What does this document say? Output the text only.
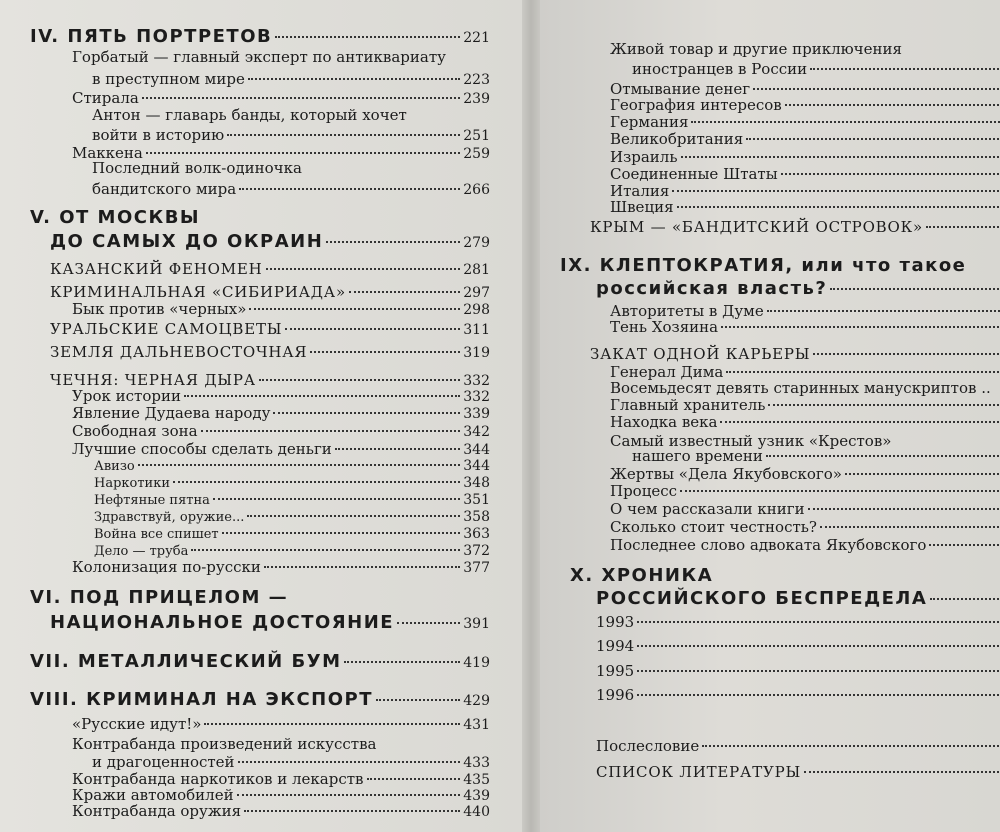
IV. ПЯТЬ ПОРТРЕТОВ	221
Горбатый — главный эксперт по антиквариату
в преступном мире	223
Стирала	239
Антон — главарь банды, который хочет
войти в историю	251
Маккена	259
Последний волк-одиночка
бандитского мира	266
V. ОТ МОСКВЫ
ДО САМЫХ ДО ОКРАИН	279
КАЗАНСКИЙ ФЕНОМЕН	281
КРИМИНАЛЬНАЯ «СИБИРИАДА»	297
Бык против «черных»	298
УРАЛЬСКИЕ САМОЦВЕТЫ	311
ЗЕМЛЯ ДАЛЬНЕВОСТОЧНАЯ	319
ЧЕЧНЯ: ЧЕРНАЯ ДЫРА	332
Урок истории	332
Явление Дудаева народу	339
Свободная зона	342
Лучшие способы сделать деньги	344
Авизо	344
Наркотики	348
Нефтяные пятна	351
Здравствуй, оружие...	358
Война все спишет	363
Дело — труба	372
Колонизация по-русски	377
VI. ПОД ПРИЦЕЛОМ —
НАЦИОНАЛЬНОЕ ДОСТОЯНИЕ	391
VII. МЕТАЛЛИЧЕСКИЙ БУМ	419
VIII. КРИМИНАЛ НА ЭКСПОРТ	429
«Русские идут!»	431
Контрабанда произведений искусства
и драгоценностей	433
Контрабанда наркотиков и лекарств	435
Кражи автомобилей	439
Контрабанда оружия	440
Живой товар и другие приключения
иностранцев в России
Отмывание денег
География интересов
Германия
Великобритания
Израиль
Соединенные Штаты
Италия
Швеция
КРЫМ — «БАНДИТСКИЙ ОСТРОВОК»
IX. КЛЕПТОКРАТИЯ, или что такое
российская власть?
Авторитеты в Думе
Тень Хозяина
ЗАКАТ ОДНОЙ КАРЬЕРЫ
Генерал Дима
Восемьдесят девять старинных манускриптов ..
Главный хранитель
Находка века
Самый известный узник «Крестов»
нашего времени
Жертвы «Дела Якубовского»
Процесс
О чем рассказали книги
Сколько стоит честность?
Последнее слово адвоката Якубовского
X. ХРОНИКА
РОССИЙСКОГО БЕСПРЕДЕЛА
1993
1994
1995
1996
Послесловие
СПИСОК ЛИТЕРАТУРЫ
